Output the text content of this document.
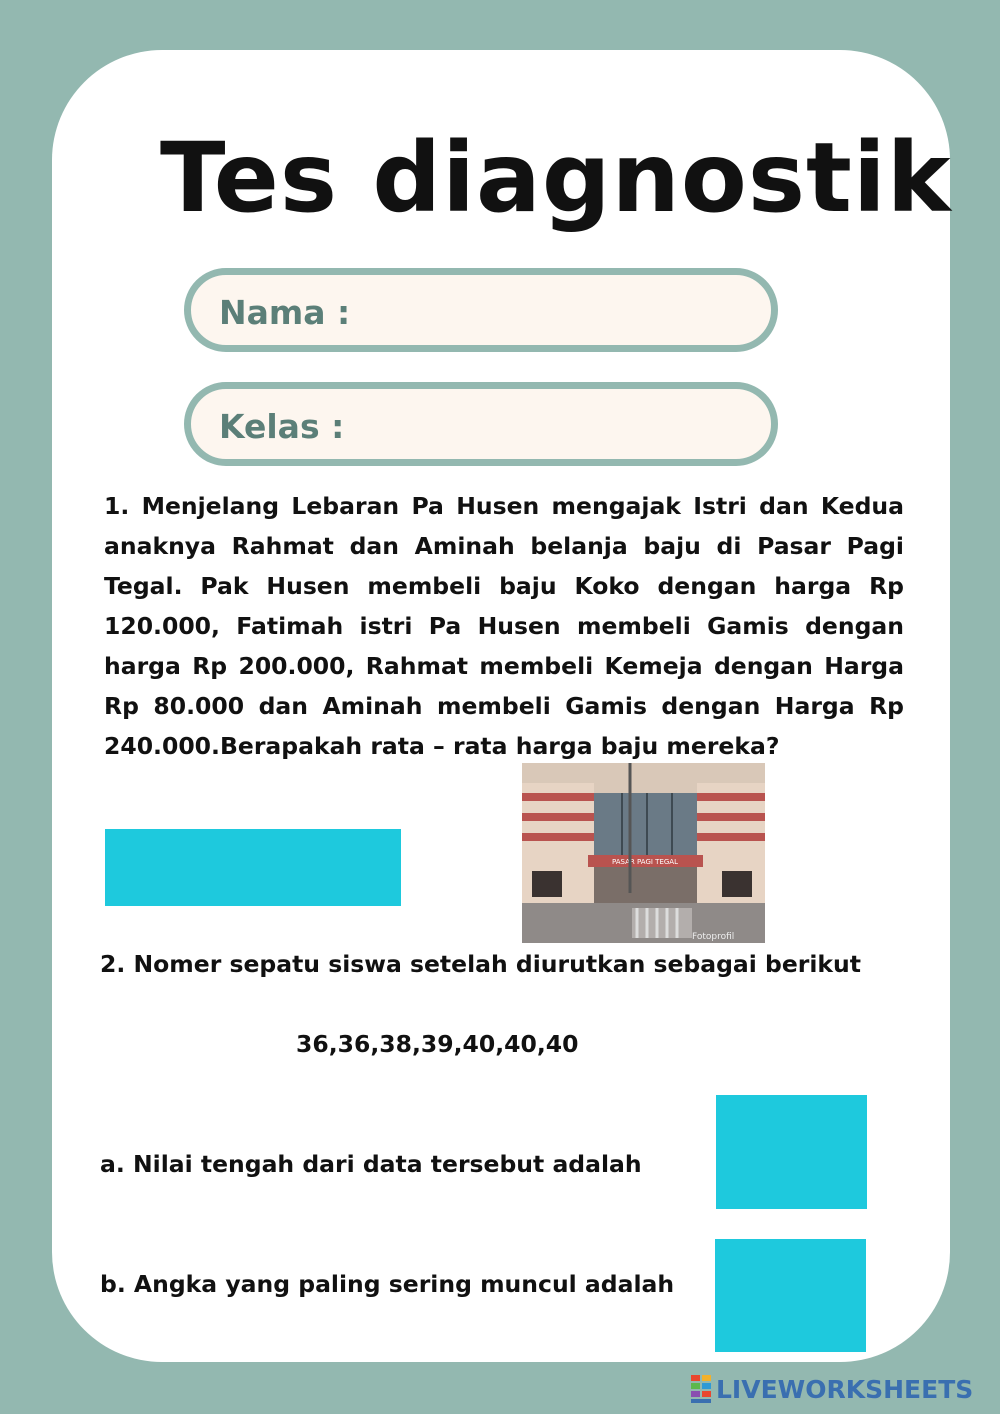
Tes diagnostik
Nama :
Kelas :
1. Menjelang Lebaran Pa Husen mengajak Istri dan Kedua anaknya Rahmat dan Aminah belanja baju di Pasar Pagi Tegal. Pak Husen membeli baju Koko dengan harga Rp 120.000, Fatimah istri Pa Husen membeli Gamis dengan harga Rp 200.000, Rahmat membeli Kemeja dengan Harga Rp 80.000 dan Aminah membeli Gamis dengan Harga Rp 240.000.Berapakah rata – rata harga baju mereka?
PASAR PAGI TEGAL
Fotoprofil
2. Nomer sepatu siswa setelah diurutkan sebagai berikut
36,36,38,39,40,40,40
a. Nilai tengah dari data tersebut adalah
b. Angka yang paling sering muncul adalah
LIVEWORKSHEETS
